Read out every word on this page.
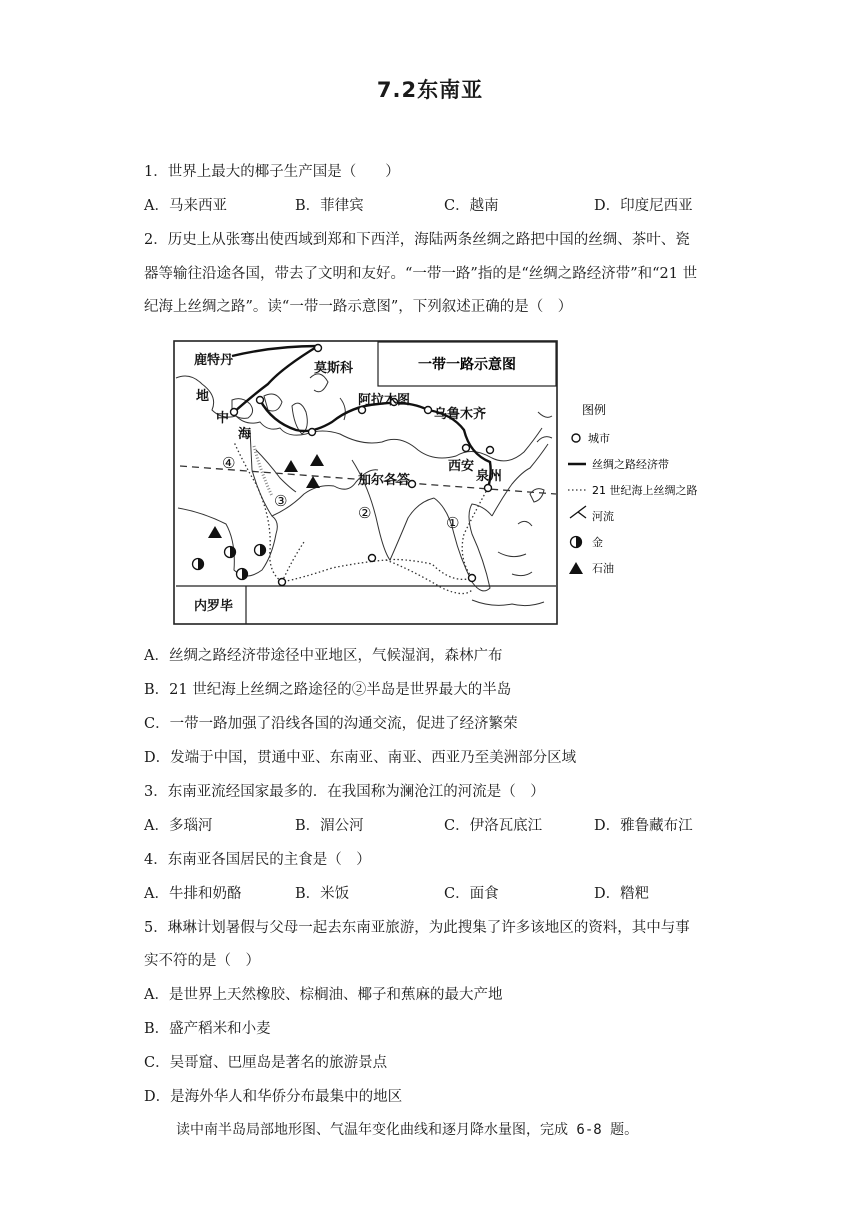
7.2东南亚
1．世界上最大的椰子生产国是（　　）
A．马来西亚	B．菲律宾	C．越南	D．印度尼西亚
2．历史上从张骞出使西域到郑和下西洋，海陆两条丝绸之路把中国的丝绸、茶叶、瓷
器等输往沿途各国，带去了文明和友好。“一带一路”指的是“丝绸之路经济带”和“21 世
纪海上丝绸之路”。读“一带一路示意图”，下列叙述正确的是（　）
一带一路示意图
鹿特丹
莫斯科
阿拉木图
乌鲁木齐
地
中
海
西安
泉州
加尔各答
内罗毕
①
②
③
④
图例
城市
丝绸之路经济带
21 世纪海上丝绸之路
河流
金
石油
A．丝绸之路经济带途径中亚地区，气候湿润，森林广布
B．21 世纪海上丝绸之路途径的②半岛是世界最大的半岛
C．一带一路加强了沿线各国的沟通交流，促进了经济繁荣
D．发端于中国，贯通中亚、东南亚、南亚、西亚乃至美洲部分区域
3．东南亚流经国家最多的．在我国称为澜沧江的河流是（　）
A．多瑙河	B．湄公河	C．伊洛瓦底江	D．雅鲁藏布江
4．东南亚各国居民的主食是（　）
A．牛排和奶酪	B．米饭	C．面食	D．糌粑
5．琳琳计划暑假与父母一起去东南亚旅游，为此搜集了许多该地区的资料，其中与事
实不符的是（　）
A．是世界上天然橡胶、棕榈油、椰子和蕉麻的最大产地
B．盛产稻米和小麦
C．吴哥窟、巴厘岛是著名的旅游景点
D．是海外华人和华侨分布最集中的地区
读中南半岛局部地形图、气温年变化曲线和逐月降水量图，完成 6-8 题。
